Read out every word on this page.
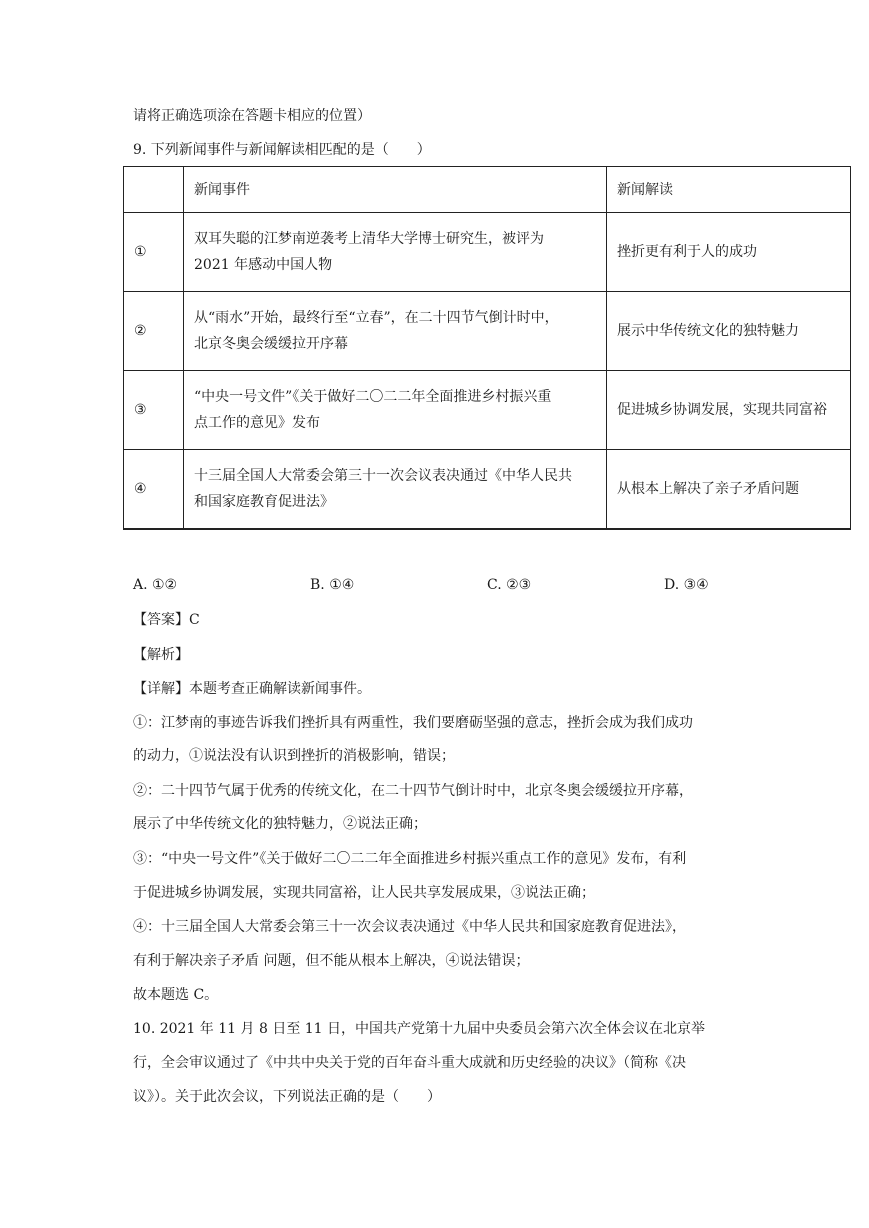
请将正确选项涂在答题卡相应的位置）
9. 下列新闻事件与新闻解读相匹配的是（　　）
	新闻事件	新闻解读
①	双耳失聪的江梦南逆袭考上清华大学博士研究生，被评为
2021 年感动中国人物	挫折更有利于人的成功
②	从“雨水”开始，最终行至“立春”，在二十四节气倒计时中，
北京冬奥会缓缓拉开序幕	展示中华传统文化的独特魅力
③	“中央一号文件”《关于做好二〇二二年全面推进乡村振兴重
点工作的意见》发布	促进城乡协调发展，实现共同富裕
④	十三届全国人大常委会第三十一次会议表决通过《中华人民共
和国家庭教育促进法》	从根本上解决了亲子矛盾问题
A. ①②	B. ①④	C. ②③	D. ③④
【答案】C
【解析】
【详解】本题考查正确解读新闻事件。
①：江梦南的事迹告诉我们挫折具有两重性，我们要磨砺坚强的意志，挫折会成为我们成功
的动力，①说法没有认识到挫折的消极影响，错误；
②：二十四节气属于优秀的传统文化，在二十四节气倒计时中，北京冬奥会缓缓拉开序幕，
展示了中华传统文化的独特魅力，②说法正确；
③：“中央一号文件”《关于做好二〇二二年全面推进乡村振兴重点工作的意见》发布，有利
于促进城乡协调发展，实现共同富裕，让人民共享发展成果，③说法正确；
④：十三届全国人大常委会第三十一次会议表决通过《中华人民共和国家庭教育促进法》，
有利于解决亲子矛盾 问题，但不能从根本上解决，④说法错误；
故本题选 C。
10. 2021 年 11 月 8 日至 11 日，中国共产党第十九届中央委员会第六次全体会议在北京举
行，全会审议通过了《中共中央关于党的百年奋斗重大成就和历史经验的决议》（简称《决
议》）。关于此次会议，下列说法正确的是（　　）
